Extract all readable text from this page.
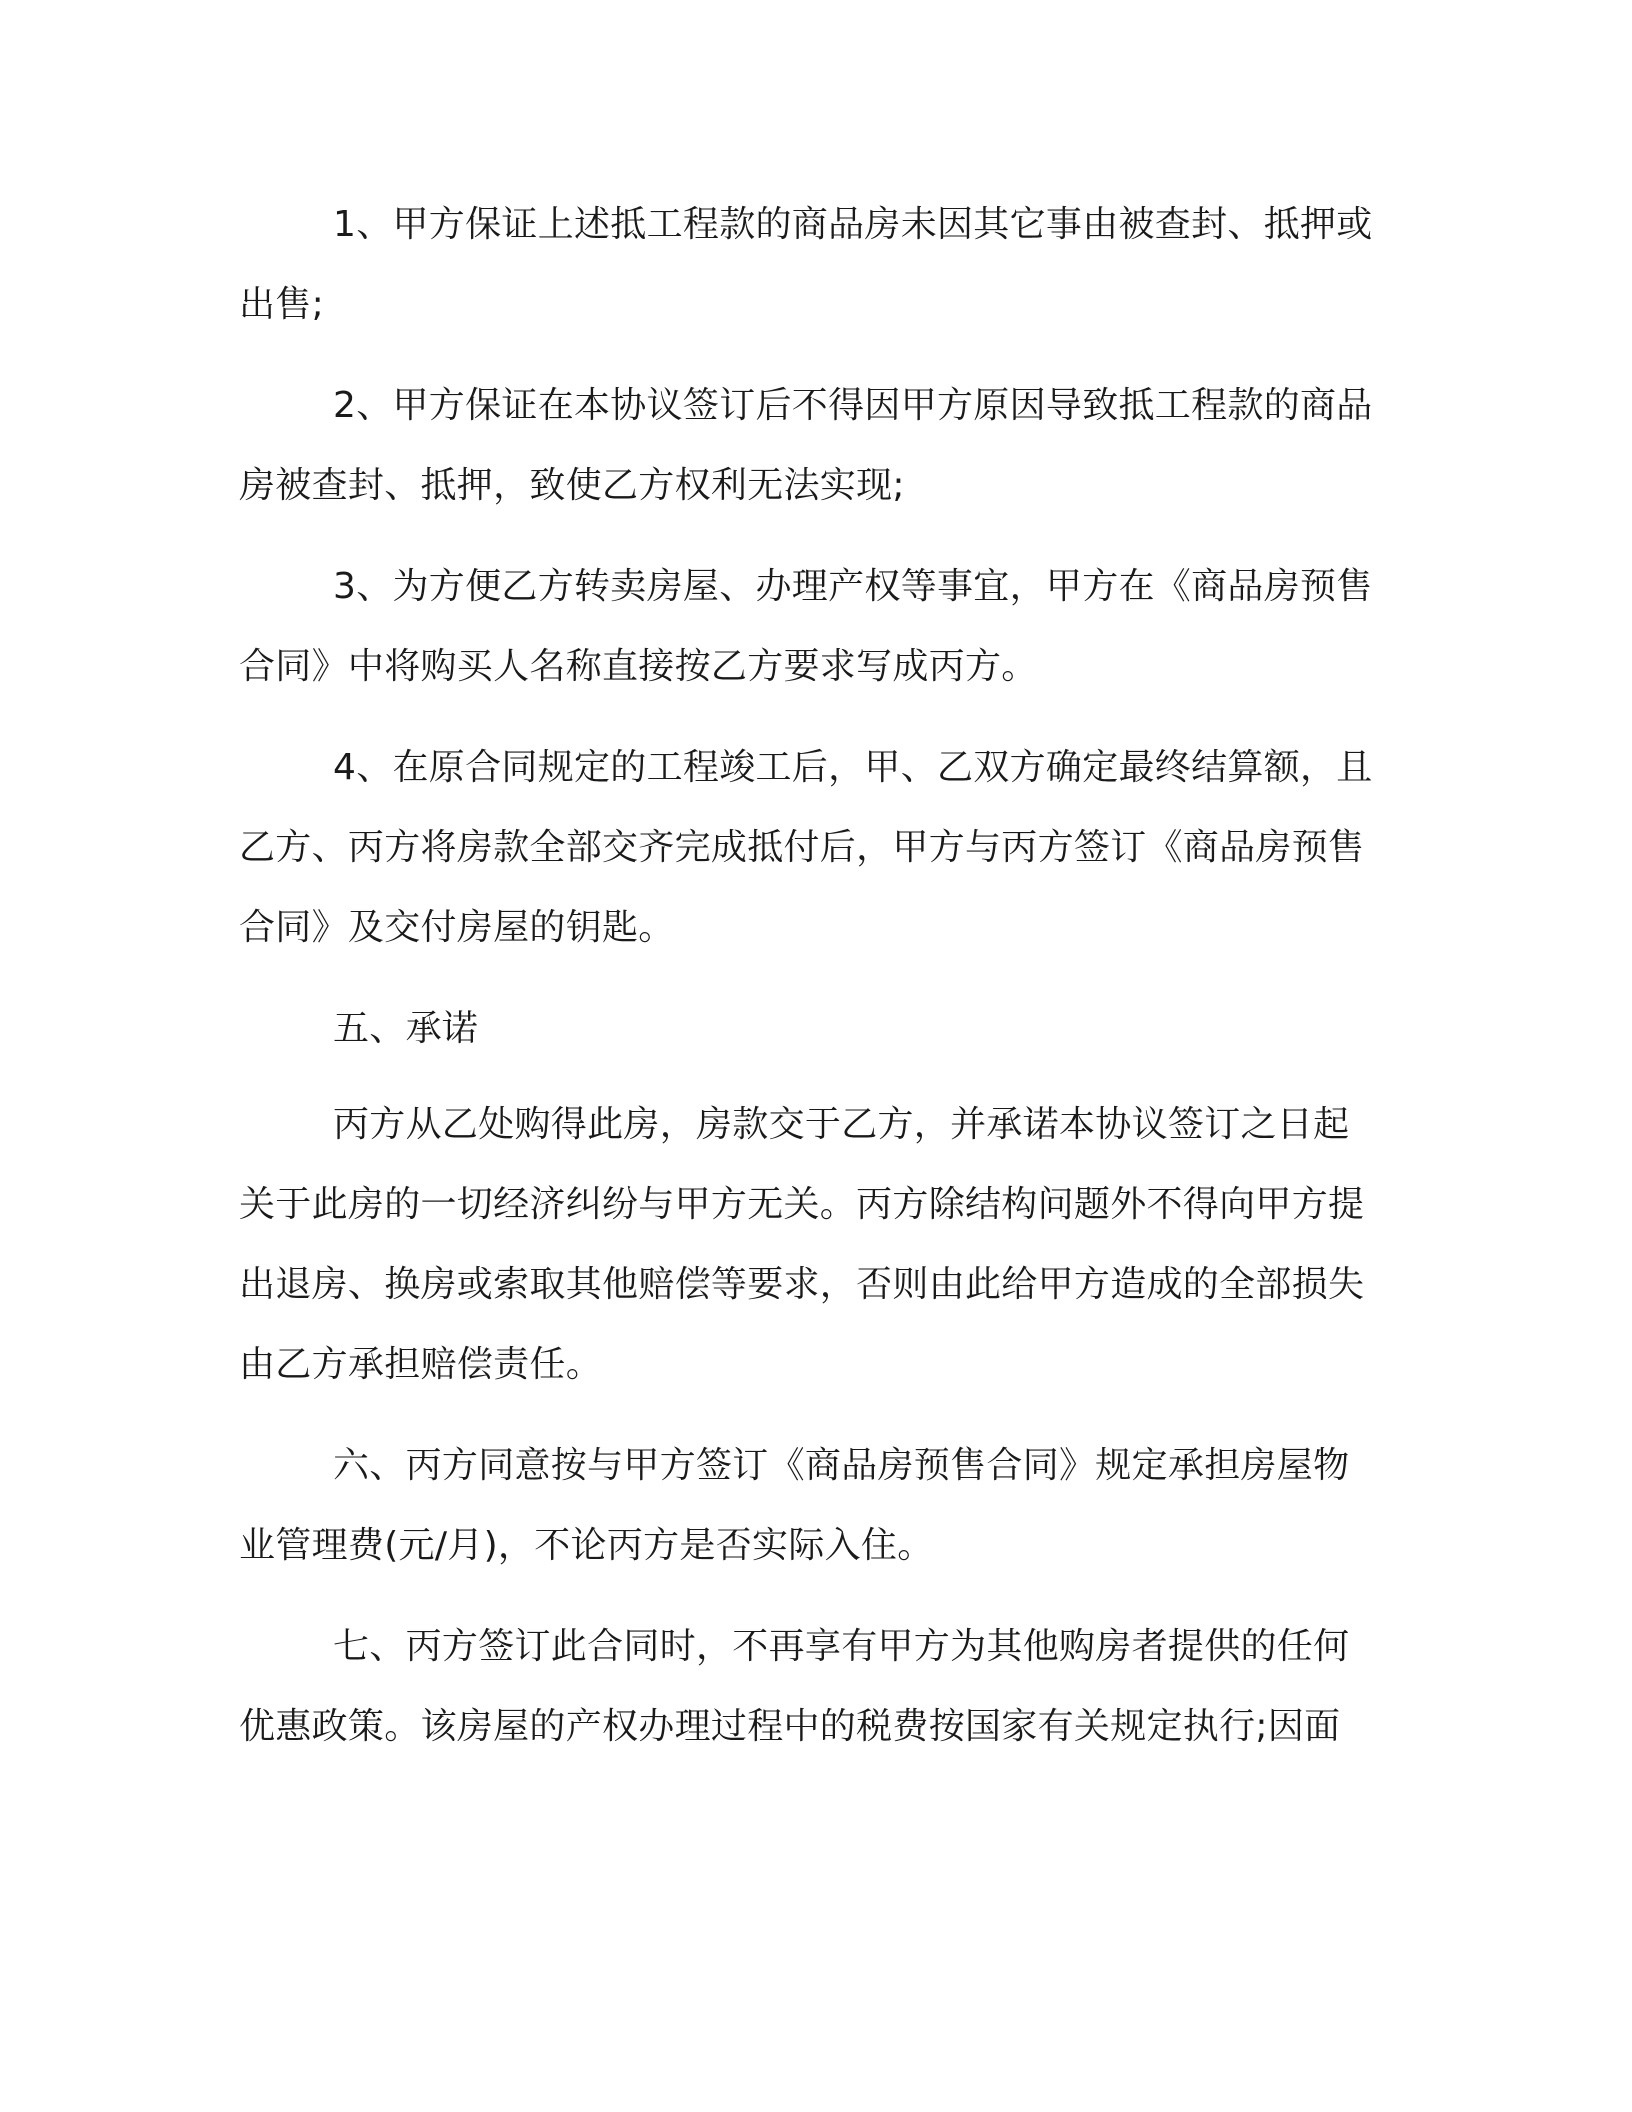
1、甲方保证上述抵工程款的商品房未因其它事由被查封、抵押或出售;

2、甲方保证在本协议签订后不得因甲方原因导致抵工程款的商品房被查封、抵押，致使乙方权利无法实现;

3、为方便乙方转卖房屋、办理产权等事宜，甲方在《商品房预售合同》中将购买人名称直接按乙方要求写成丙方。

4、在原合同规定的工程竣工后，甲、乙双方确定最终结算额，且乙方、丙方将房款全部交齐完成抵付后，甲方与丙方签订《商品房预售合同》及交付房屋的钥匙。

五、承诺

丙方从乙处购得此房，房款交于乙方，并承诺本协议签订之日起关于此房的一切经济纠纷与甲方无关。丙方除结构问题外不得向甲方提出退房、换房或索取其他赔偿等要求，否则由此给甲方造成的全部损失由乙方承担赔偿责任。

六、丙方同意按与甲方签订《商品房预售合同》规定承担房屋物业管理费(元/月)，不论丙方是否实际入住。

七、丙方签订此合同时，不再享有甲方为其他购房者提供的任何优惠政策。该房屋的产权办理过程中的税费按国家有关规定执行;因面
